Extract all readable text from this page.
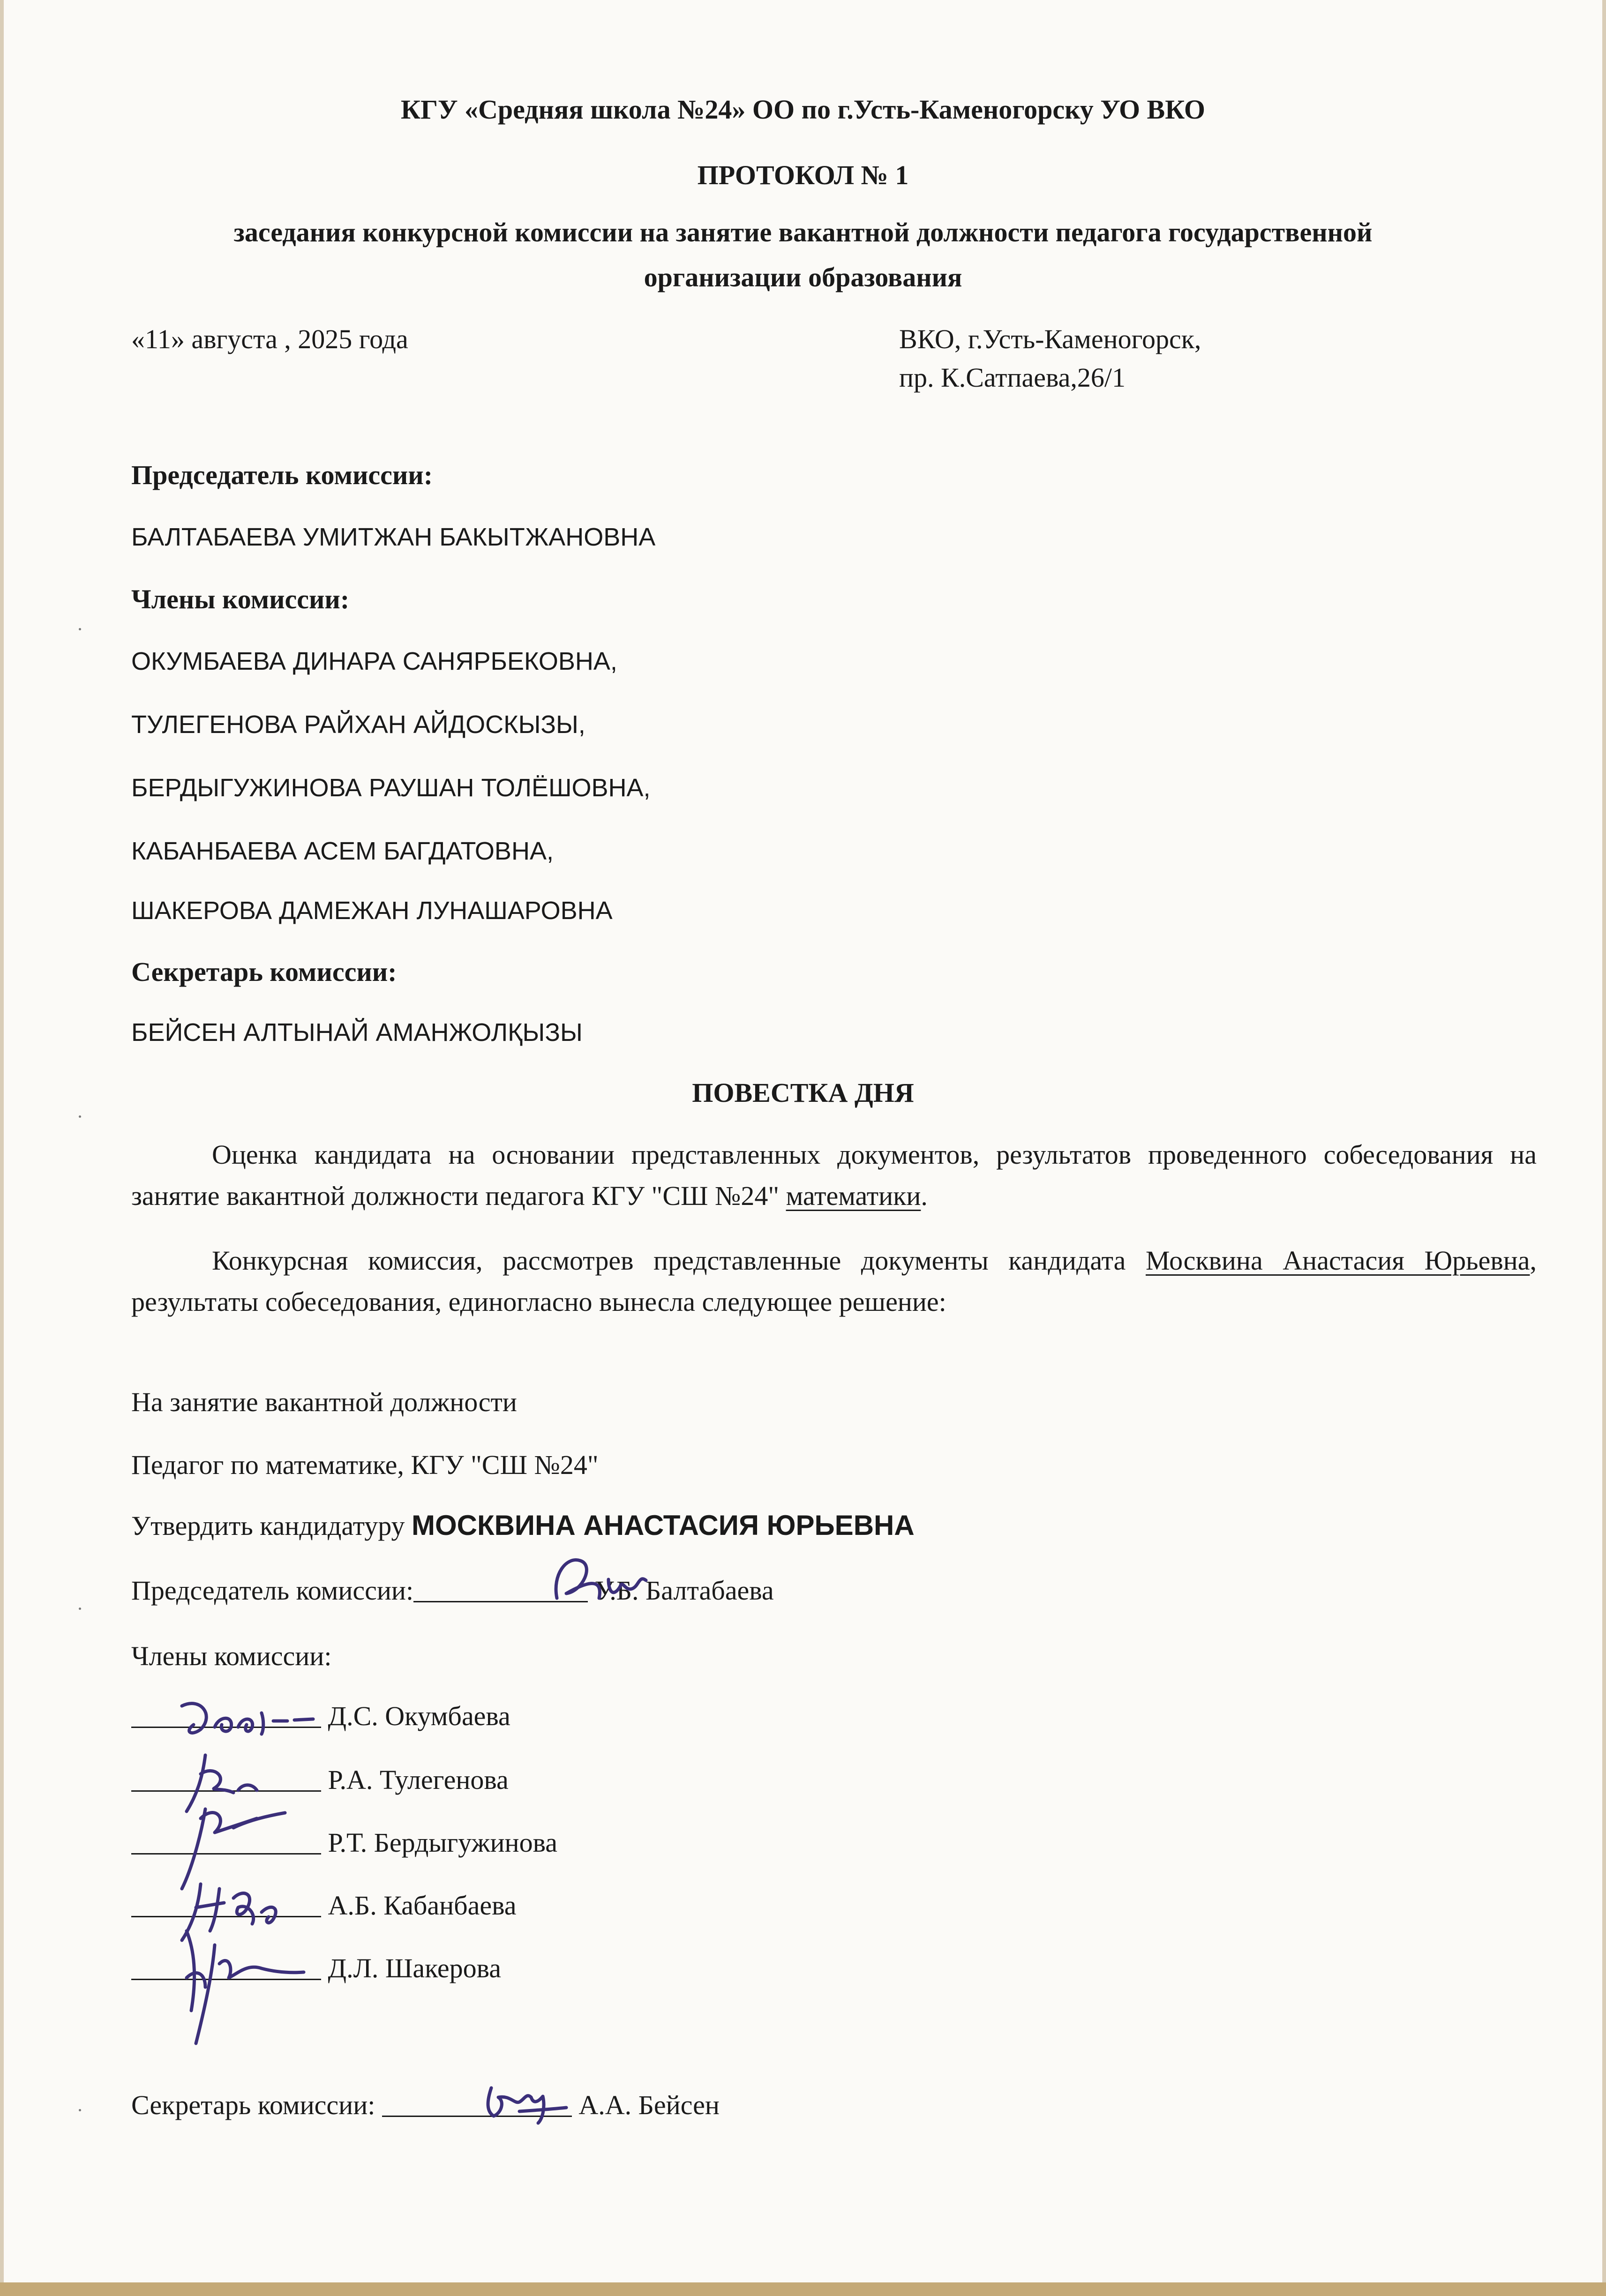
КГУ «Средняя школа №24» ОО по г.Усть-Каменогорску УО ВКО
ПРОТОКОЛ № 1
заседания конкурсной комиссии на занятие вакантной должности педагога государственной
организации образования
«11» августа , 2025 года	ВКО, г.Усть-Каменогорск,
пр. К.Сатпаева,26/1
Председатель комиссии:
БАЛТАБАЕВА УМИТЖАН БАКЫТЖАНОВНА
Члены комиссии:
ОКУМБАЕВА ДИНАРА САНЯРБЕКОВНА,
ТУЛЕГЕНОВА РАЙХАН АЙДОСКЫЗЫ,
БЕРДЫГУЖИНОВА РАУШАН ТОЛЁШОВНА,
КАБАНБАЕВА АСЕМ БАГДАТОВНА,
ШАКЕРОВА ДАМЕЖАН ЛУНАШАРОВНА
Секретарь комиссии:
БЕЙСЕН АЛТЫНАЙ АМАНЖОЛҚЫЗЫ
ПОВЕСТКА ДНЯ
Оценка кандидата на основании представленных документов, результатов проведенного собеседования на занятие вакантной должности педагога КГУ "СШ №24" математики.
Конкурсная комиссия, рассмотрев представленные документы кандидата Москвина Анастасия Юрьевна, результаты собеседования, единогласно вынесла следующее решение:
На занятие вакантной должности
Педагог по математике, КГУ "СШ №24"
Утвердить кандидатуру МОСКВИНА АНАСТАСИЯ ЮРЬЕВНА
Председатель комиссии:	У.Б. Балтабаева
Члены комиссии:
Д.С. Окумбаева
Р.А. Тулегенова
Р.Т. Бердыгужинова
А.Б. Кабанбаева
Д.Л. Шакерова
Секретарь комиссии:	А.А. Бейсен
